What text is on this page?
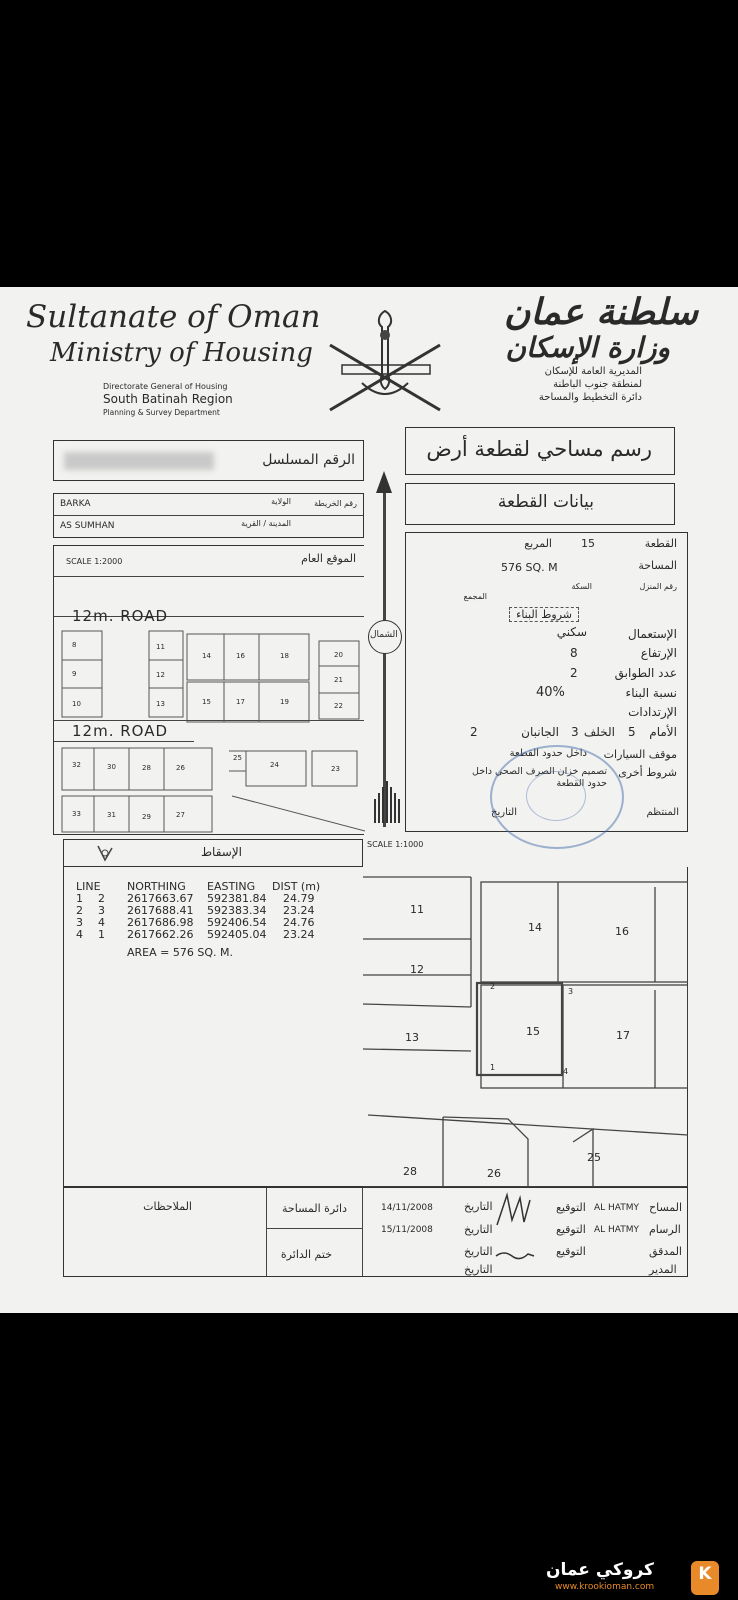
Sultanate of Oman
Ministry of Housing
Directorate General of Housing
South Batinah Region
Planning & Survey Department
سلطنة عمان
وزارة الإسكان
المديرية العامة للإسكان
لمنطقة جنوب الباطنة
دائرة التخطيط والمساحة
الرقم المسلسل	رسم مساحي لقطعة أرض
BARKA	الولاية	رقم الخريطة
AS SUMHAN	المدينة / القرية
بيانات القطعة
الشمال
SCALE 1:2000	الموقع العام
12m. ROAD
12m. ROAD
8	11
14	16	18	20
9	12
21
10	13	15	17	19	22
32	30	28	26
25
24	23
33	31	29	27
القطعة
15
المربع
المساحة
576 SQ. M
رقم المنزل
السكة
المجمع
شروط البناء
الإستعمال
سكني
الإرتفاع
8
عدد الطوابق
2
نسبة البناء
40%
الإرتدادات
الأمام
5
الخلف
3
الجانبان
2
موقف السيارات
داخل حدود القطعة
شروط أخرى
تصميم خزان الصرف الصحي داخل حدود القطعة
التاريخ	المنتظم
الإسقاط
SCALE 1:1000
LINE NORTHING EASTING DIST (m)
1 2 2617663.67 592381.84 24.79
2 3 2617688.41 592383.34 23.24
3 4 2617686.98 592406.54 24.76
4 1 2617662.26 592405.04 23.24
AREA = 576 SQ. M.
11
14	16
12
15	17
13
28	26
25
2
3
1	4
الملاحظات	دائرة المساحة
ختم الدائرة
14/11/2008	التاريخ
15/11/2008	التاريخ
التاريخ
التاريخ
AL HATMY
التوقيع	المساح
AL HATMY
التوقيع	الرسام
التوقيع	المدقق
المدير
كروكي عمان
www.krookioman.com
K
